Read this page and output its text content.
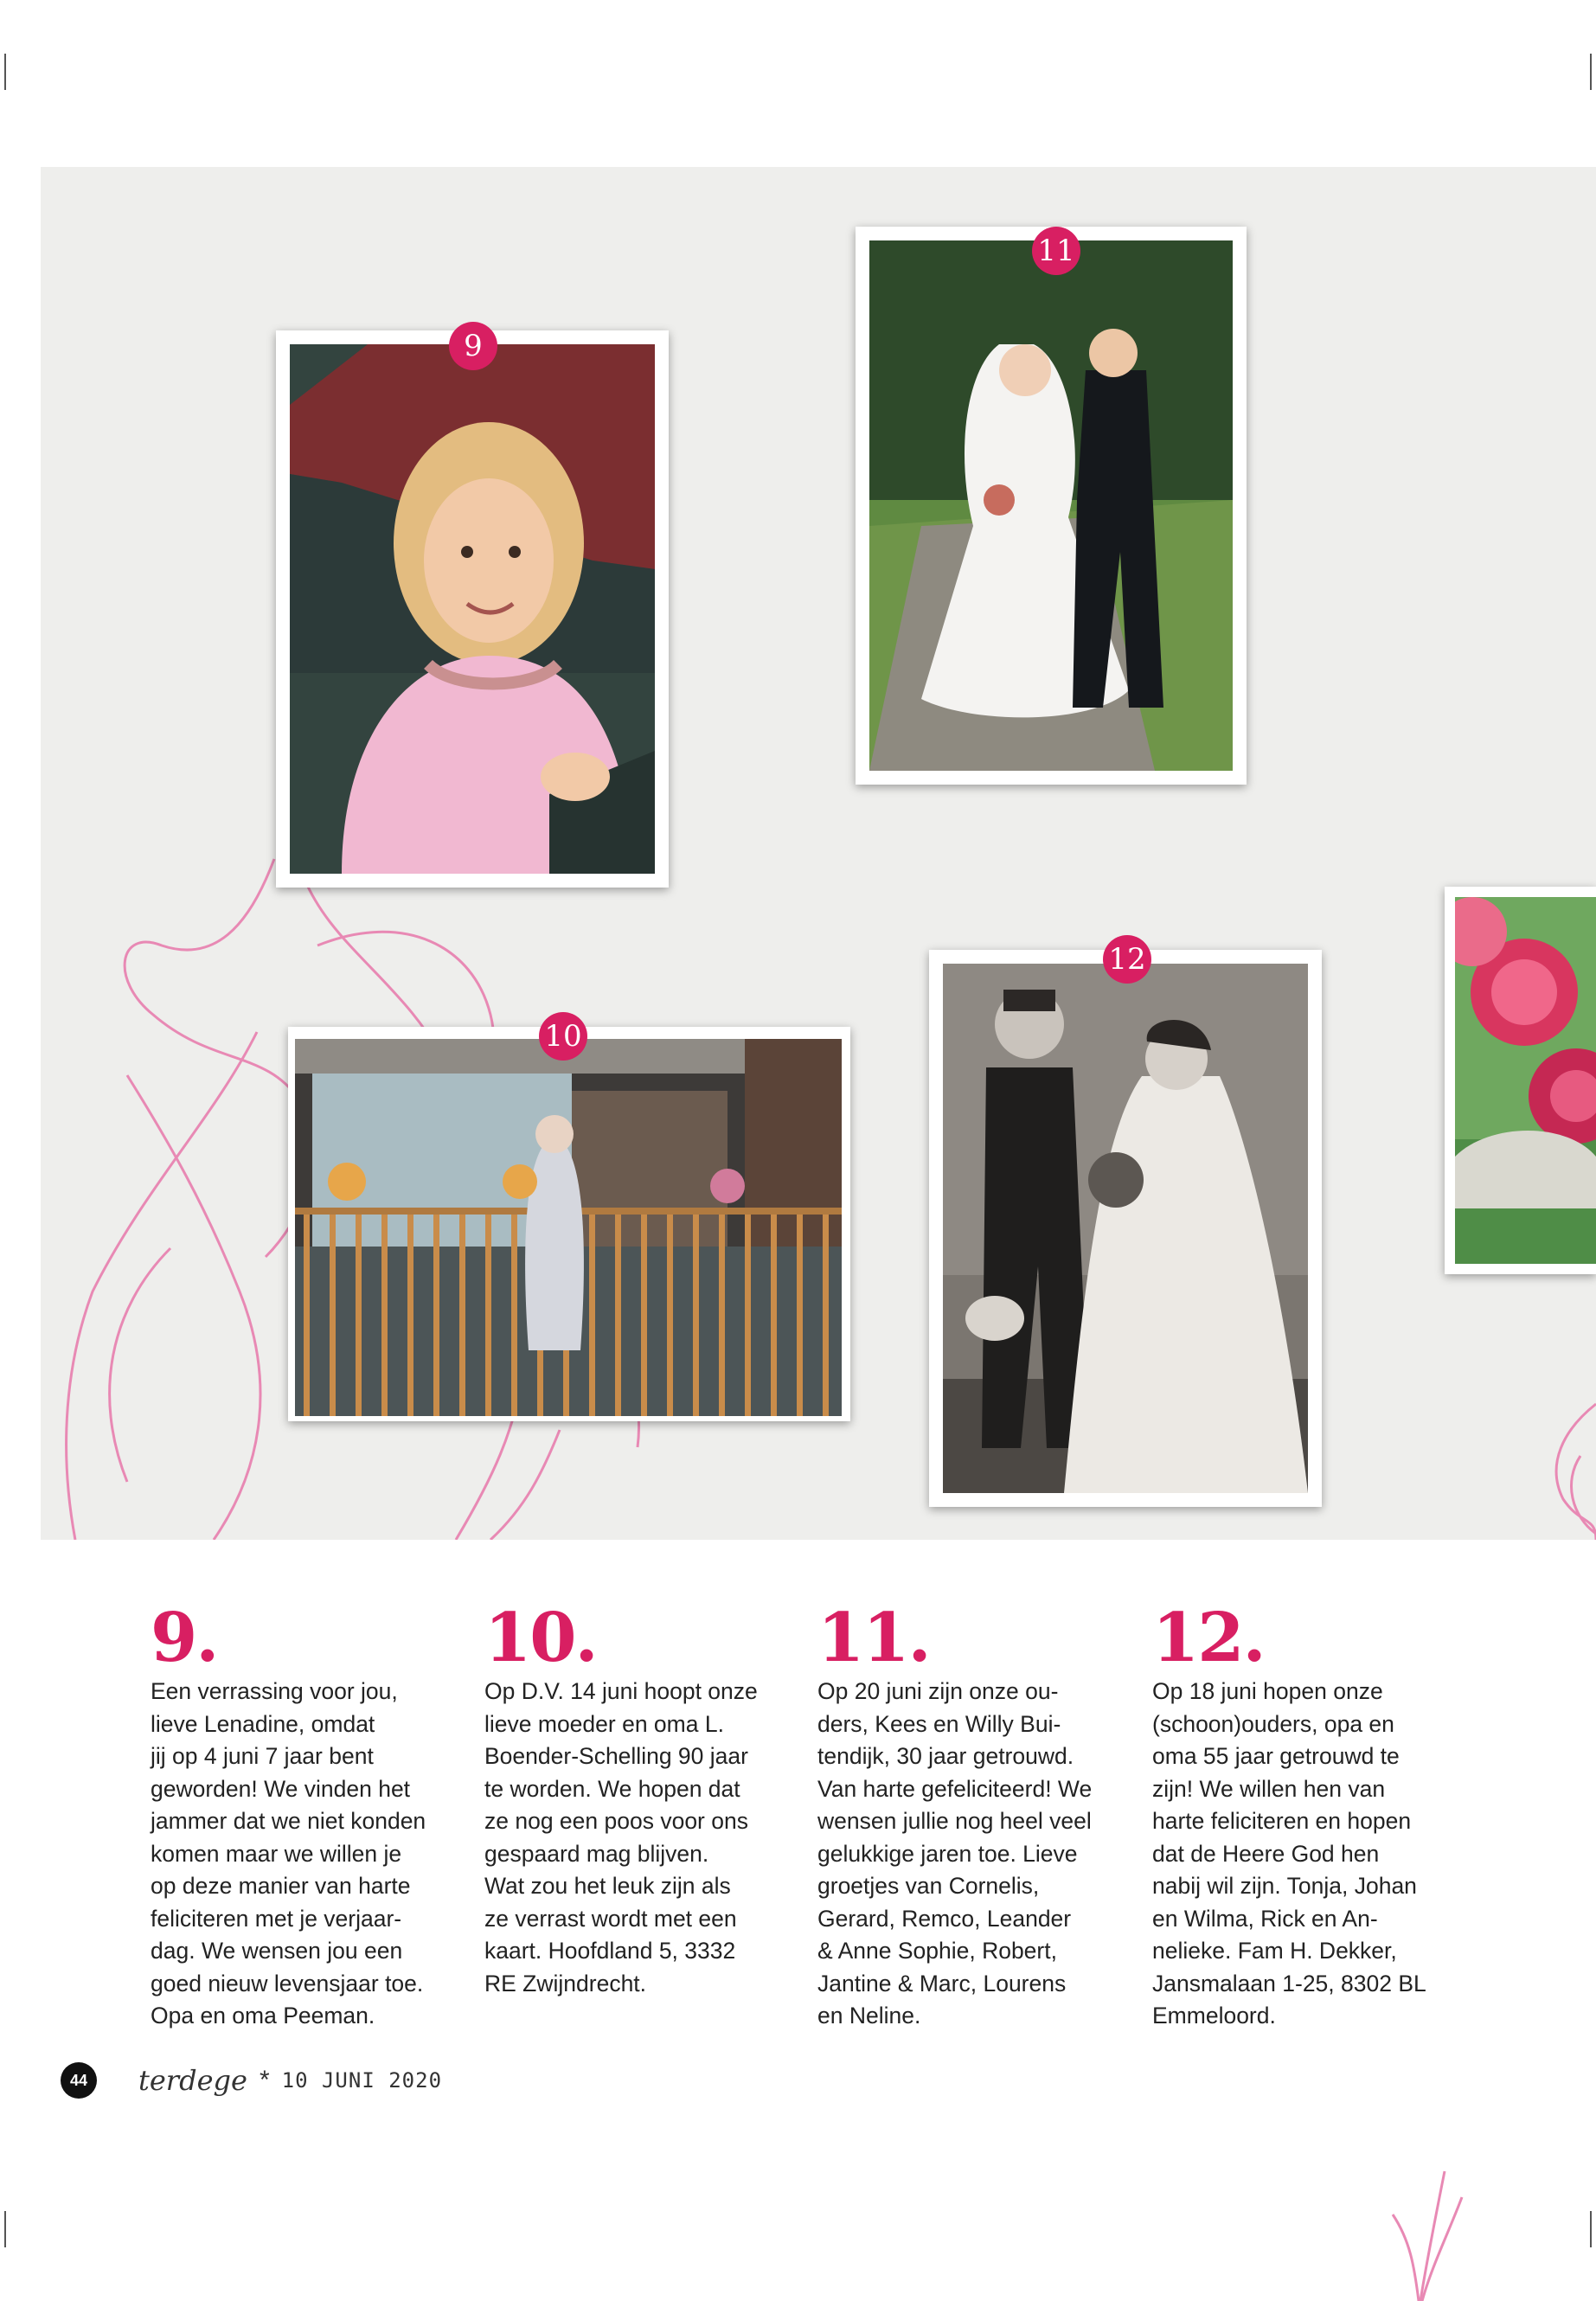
9
11
10
12
9.
Een verrassing voor jou,
lieve Lenadine, omdat
jij op 4 juni 7 jaar bent
geworden! We vinden het
jammer dat we niet konden
komen maar we willen je
op deze manier van harte
feliciteren met je verjaar-
dag. We wensen jou een
goed nieuw levensjaar toe.
Opa en oma Peeman.
10.
Op D.V. 14 juni hoopt onze
lieve moeder en oma L.
Boender-Schelling 90 jaar
te worden. We hopen dat
ze nog een poos voor ons
gespaard mag blijven.
Wat zou het leuk zijn als
ze verrast wordt met een
kaart. Hoofdland 5, 3332
RE Zwijndrecht.
11.
Op 20 juni zijn onze ou-
ders, Kees en Willy Bui-
tendijk, 30 jaar getrouwd.
Van harte gefeliciteerd! We
wensen jullie nog heel veel
gelukkige jaren toe. Lieve
groetjes van Cornelis,
Gerard, Remco, Leander
& Anne Sophie, Robert,
Jantine & Marc, Lourens
en Neline.
12.
Op 18 juni hopen onze
(schoon)ouders, opa en
oma 55 jaar getrouwd te
zijn! We willen hen van
harte feliciteren en hopen
dat de Heere God hen
nabij wil zijn. Tonja, Johan
en Wilma, Rick en An-
nelieke. Fam H. Dekker,
Jansmalaan 1-25, 8302 BL
Emmeloord.
44	terdege * 10 JUNI 2020
